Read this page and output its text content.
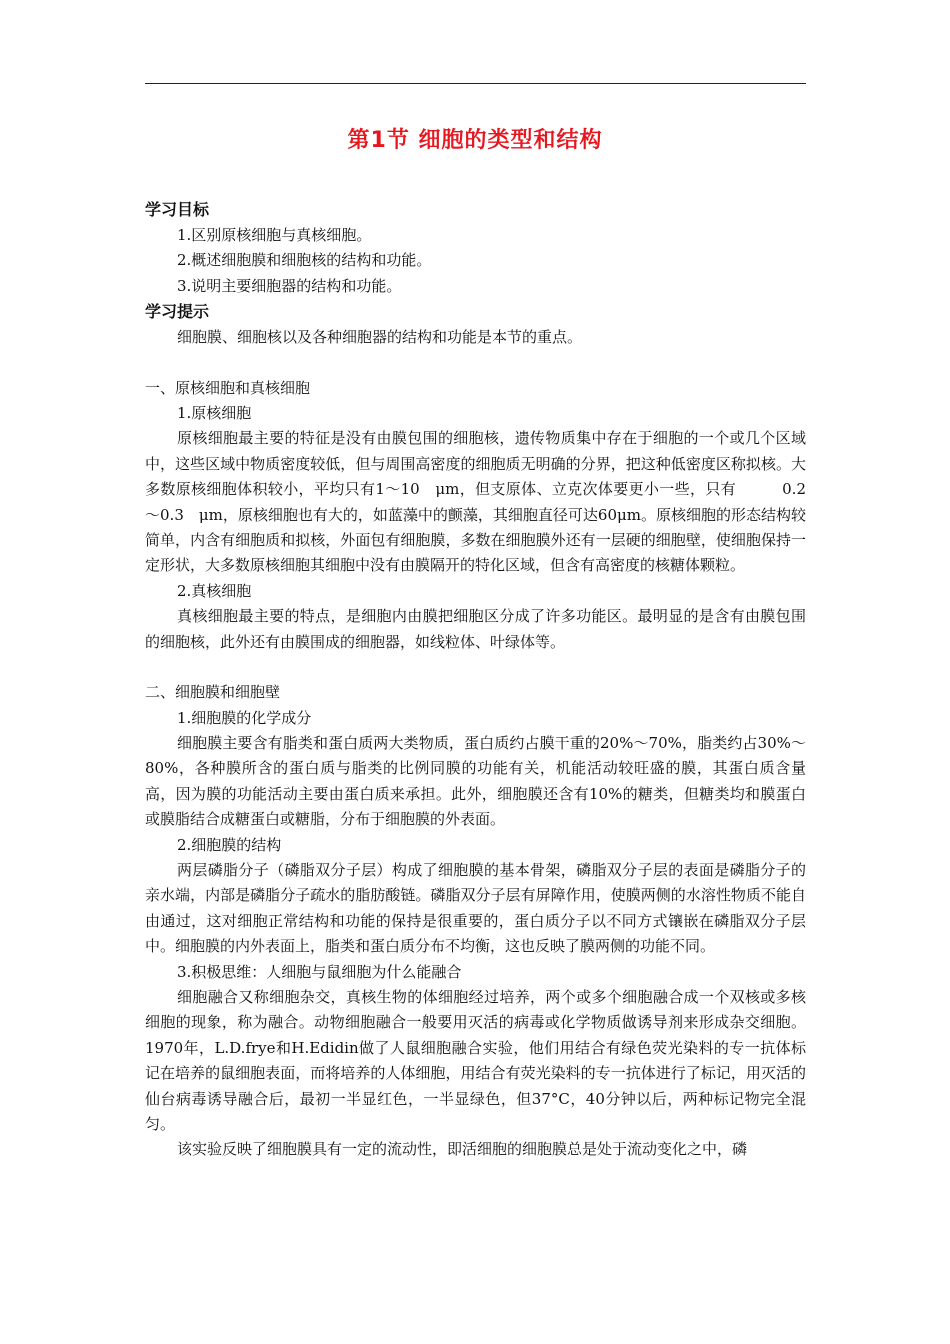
第1节 细胞的类型和结构
学习目标
1.区别原核细胞与真核细胞。
2.概述细胞膜和细胞核的结构和功能。
3.说明主要细胞器的结构和功能。
学习提示
细胞膜、细胞核以及各种细胞器的结构和功能是本节的重点。
一、原核细胞和真核细胞
1.原核细胞

原核细胞最主要的特征是没有由膜包围的细胞核，遗传物质集中存在于细胞的一个或几个区域中，这些区域中物质密度较低，但与周围高密度的细胞质无明确的分界，把这种低密度区称拟核。大多数原核细胞体积较小，平均只有1～10　μm，但支原体、立克次体要更小一些，只有　　　0.2～0.3　μm，原核细胞也有大的，如蓝藻中的颤藻，其细胞直径可达60μm。原核细胞的形态结构较简单，内含有细胞质和拟核，外面包有细胞膜，多数在细胞膜外还有一层硬的细胞壁，使细胞保持一定形状，大多数原核细胞其细胞中没有由膜隔开的特化区域，但含有高密度的核糖体颗粒。

2.真核细胞

真核细胞最主要的特点，是细胞内由膜把细胞区分成了许多功能区。最明显的是含有由膜包围的细胞核，此外还有由膜围成的细胞器，如线粒体、叶绿体等。

二、细胞膜和细胞壁
1.细胞膜的化学成分

细胞膜主要含有脂类和蛋白质两大类物质，蛋白质约占膜干重的20%～70%，脂类约占30%～80%，各种膜所含的蛋白质与脂类的比例同膜的功能有关，机能活动较旺盛的膜，其蛋白质含量高，因为膜的功能活动主要由蛋白质来承担。此外，细胞膜还含有10%的糖类，但糖类均和膜蛋白或膜脂结合成糖蛋白或糖脂，分布于细胞膜的外表面。

2.细胞膜的结构

两层磷脂分子（磷脂双分子层）构成了细胞膜的基本骨架，磷脂双分子层的表面是磷脂分子的亲水端，内部是磷脂分子疏水的脂肪酸链。磷脂双分子层有屏障作用，使膜两侧的水溶性物质不能自由通过，这对细胞正常结构和功能的保持是很重要的，蛋白质分子以不同方式镶嵌在磷脂双分子层中。细胞膜的内外表面上，脂类和蛋白质分布不均衡，这也反映了膜两侧的功能不同。

3.积极思维：人细胞与鼠细胞为什么能融合

细胞融合又称细胞杂交，真核生物的体细胞经过培养，两个或多个细胞融合成一个双核或多核细胞的现象，称为融合。动物细胞融合一般要用灭活的病毒或化学物质做诱导剂来形成杂交细胞。1970年，L.D.frye和H.Edidin做了人鼠细胞融合实验，他们用结合有绿色荧光染料的专一抗体标记在培养的鼠细胞表面，而将培养的人体细胞，用结合有荧光染料的专一抗体进行了标记，用灭活的仙台病毒诱导融合后，最初一半显红色，一半显绿色，但37°C，40分钟以后，两种标记物完全混匀。

该实验反映了细胞膜具有一定的流动性，即活细胞的细胞膜总是处于流动变化之中，磷
